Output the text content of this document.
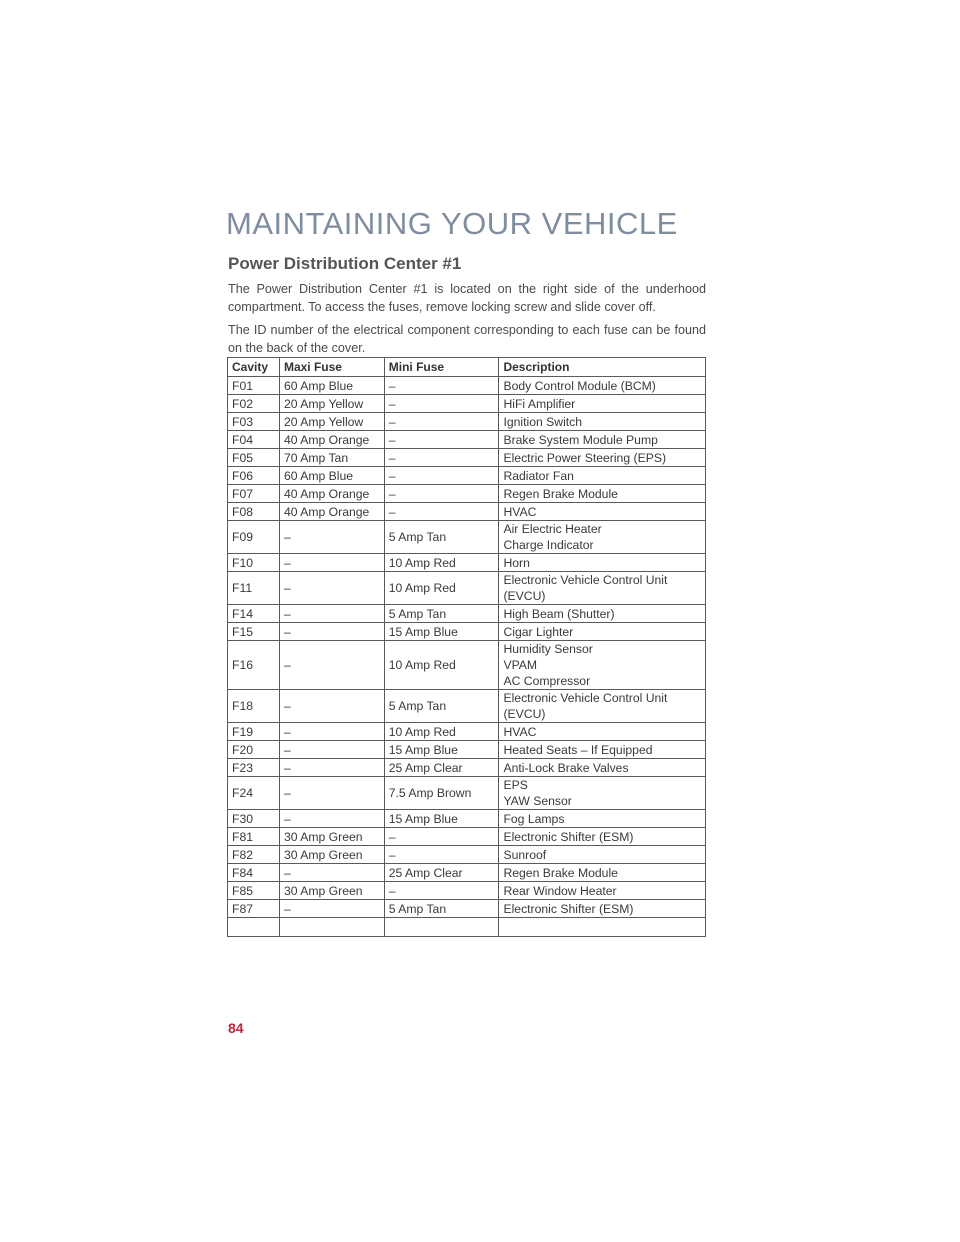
MAINTAINING YOUR VEHICLE
Power Distribution Center #1

The Power Distribution Center #1 is located on the right side of the underhood compartment. To access the fuses, remove locking screw and slide cover off.

The ID number of the electrical component corresponding to each fuse can be found on the back of the cover.

Cavity	Maxi Fuse	Mini Fuse	Description
F01	60 Amp Blue	–	Body Control Module (BCM)

F02	20 Amp Yellow	–	HiFi Amplifier

F03	20 Amp Yellow	–	Ignition Switch

F04	40 Amp Orange	–	Brake System Module Pump

F05	70 Amp Tan	–	Electric Power Steering (EPS)

F06	60 Amp Blue	–	Radiator Fan

F07	40 Amp Orange	–	Regen Brake Module

F08	40 Amp Orange	–	HVAC

F09	–	5 Amp Tan	Air Electric Heater
Charge Indicator

F10	–	10 Amp Red	Horn

F11	–	10 Amp Red	Electronic Vehicle Control Unit
(EVCU)

F14	–	5 Amp Tan	High Beam (Shutter)

F15	–	15 Amp Blue	Cigar Lighter

F16	–	10 Amp Red	Humidity Sensor
VPAM
AC Compressor

F18	–	5 Amp Tan	Electronic Vehicle Control Unit
(EVCU)

F19	–	10 Amp Red	HVAC

F20	–	15 Amp Blue	Heated Seats – If Equipped

F23	–	25 Amp Clear	Anti-Lock Brake Valves

F24	–	7.5 Amp Brown	EPS
YAW Sensor

F30	–	15 Amp Blue	Fog Lamps

F81	30 Amp Green	–	Electronic Shifter (ESM)

F82	30 Amp Green	–	Sunroof

F84	–	25 Amp Clear	Regen Brake Module

F85	30 Amp Green	–	Rear Window Heater

F87	–	5 Amp Tan	Electronic Shifter (ESM)

84
